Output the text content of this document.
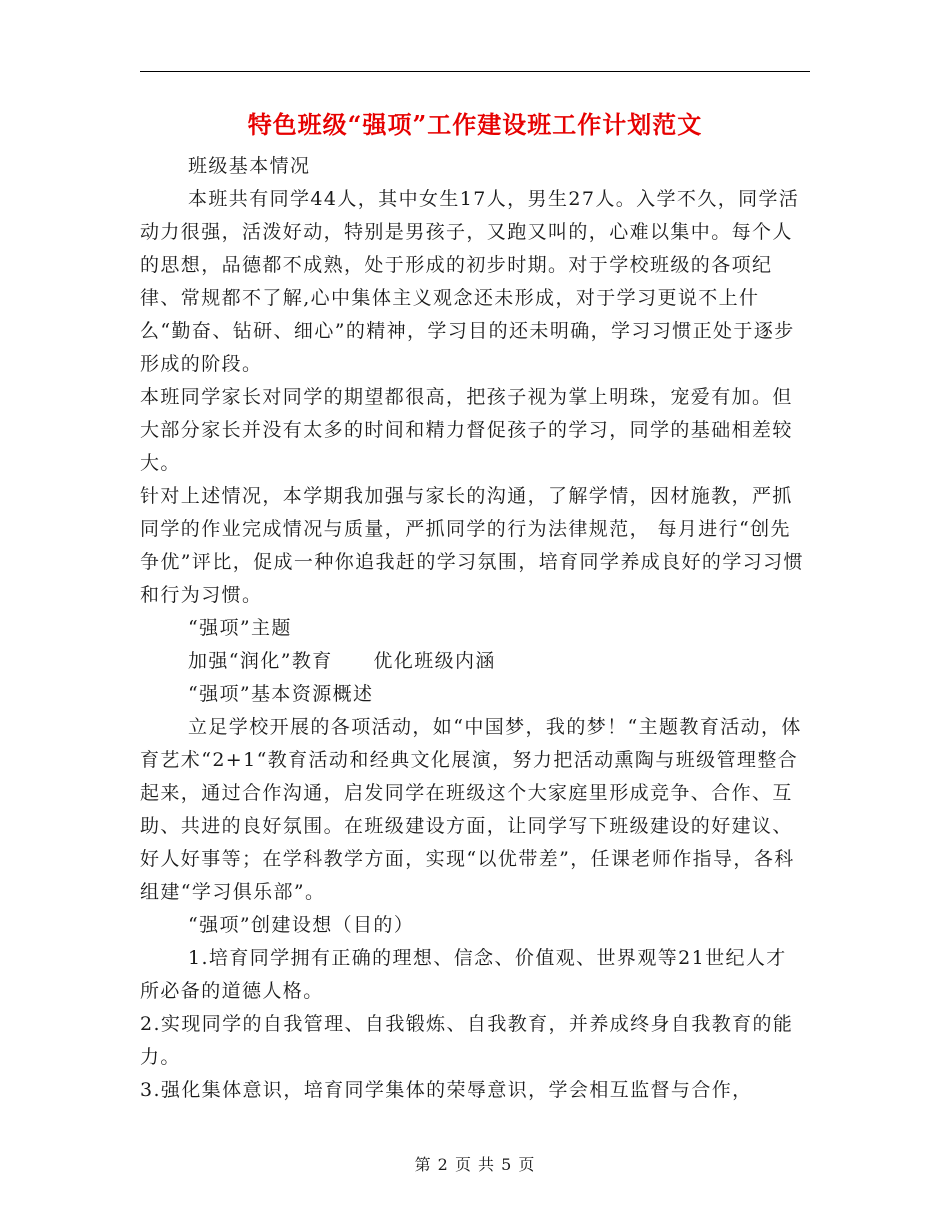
特色班级“强项”工作建设班工作计划范文

班级基本情况

本班共有同学44人，其中女生17人，男生27人。入学不久，同学活动力很强，活泼好动，特别是男孩子，又跑又叫的，心难以集中。每个人的思想，品德都不成熟，处于形成的初步时期。对于学校班级的各项纪律、常规都不了解,心中集体主义观念还未形成，对于学习更说不上什么“勤奋、钻研、细心”的精神，学习目的还未明确，学习习惯正处于逐步形成的阶段。

本班同学家长对同学的期望都很高，把孩子视为掌上明珠，宠爱有加。但大部分家长并没有太多的时间和精力督促孩子的学习，同学的基础相差较大。

针对上述情况，本学期我加强与家长的沟通，了解学情，因材施教，严抓同学的作业完成情况与质量，严抓同学的行为法律规范， 每月进行“创先争优”评比，促成一种你追我赶的学习氛围，培育同学养成良好的学习习惯和行为习惯。

“强项”主题

加强“润化”教育　　优化班级内涵

“强项”基本资源概述

立足学校开展的各项活动，如“中国梦，我的梦！“主题教育活动，体育艺术“2+1“教育活动和经典文化展演，努力把活动熏陶与班级管理整合起来，通过合作沟通，启发同学在班级这个大家庭里形成竞争、合作、互助、共进的良好氛围。在班级建设方面，让同学写下班级建设的好建议、好人好事等；在学科教学方面，实现“以优带差”，任课老师作指导，各科组建“学习俱乐部”。

“强项”创建设想（目的）

1.培育同学拥有正确的理想、信念、价值观、世界观等21世纪人才所必备的道德人格。

2.实现同学的自我管理、自我锻炼、自我教育，并养成终身自我教育的能力。

3.强化集体意识，培育同学集体的荣辱意识，学会相互监督与合作，

第 2 页 共 5 页
